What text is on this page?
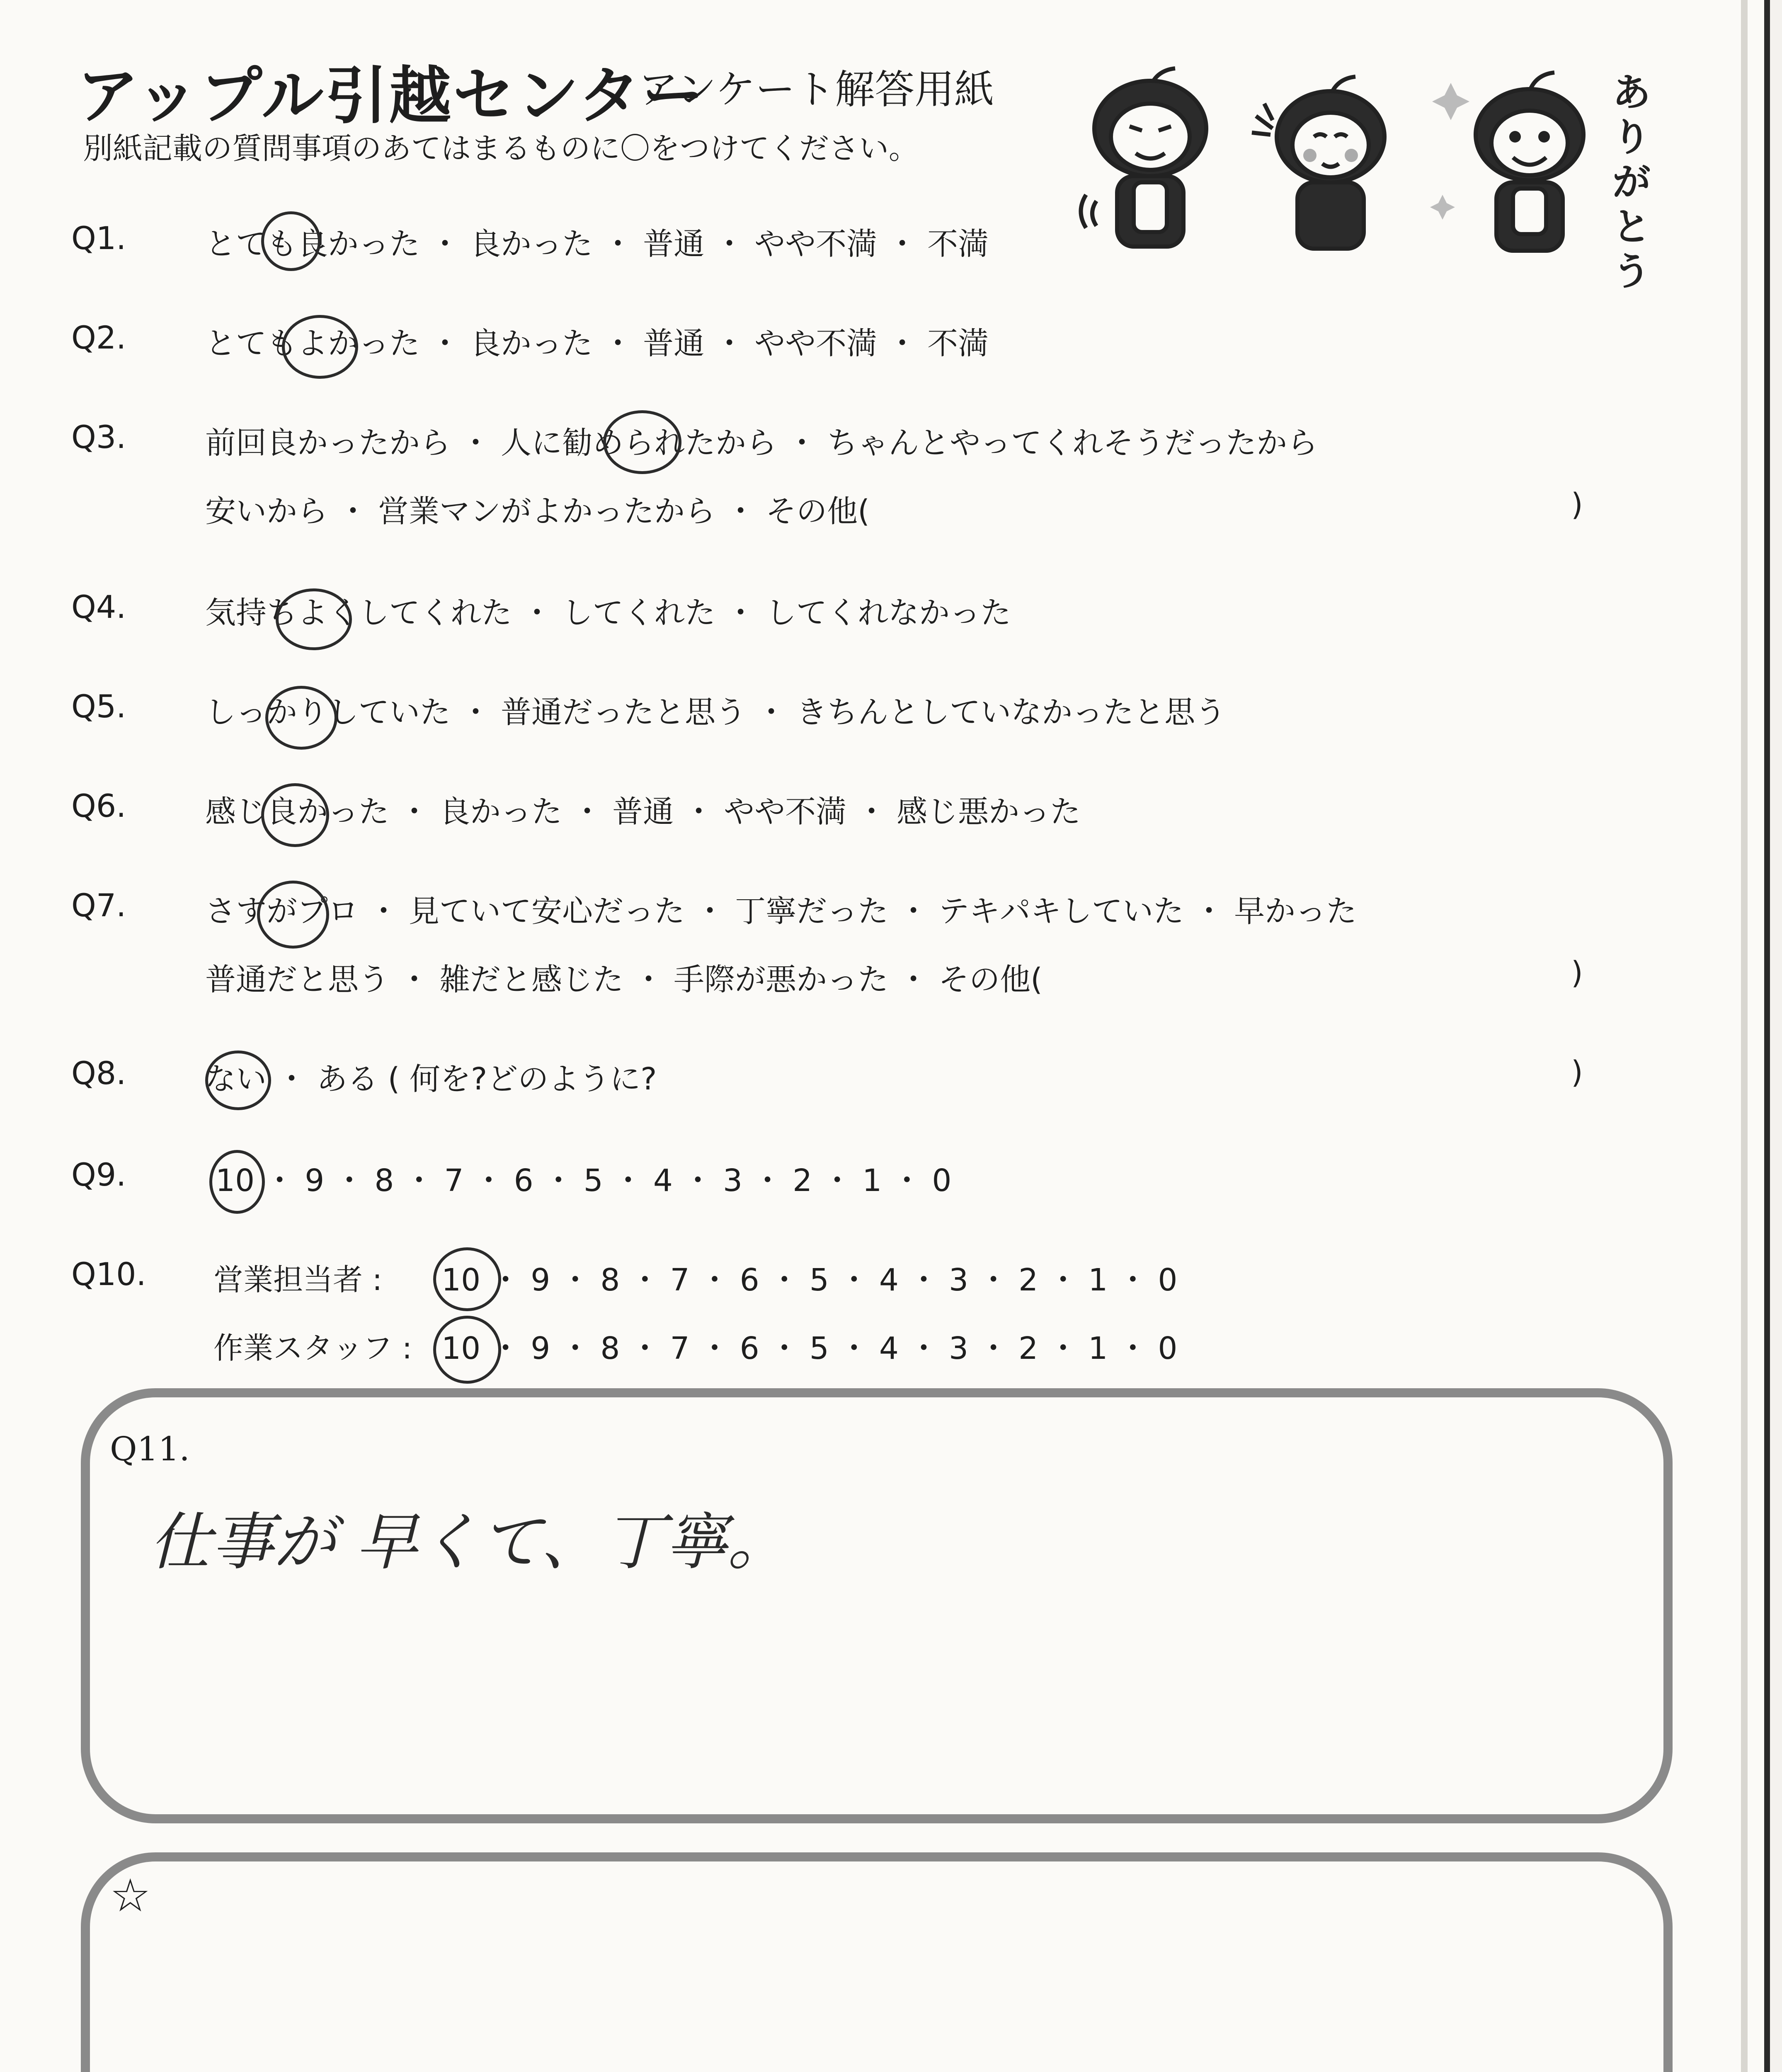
アップル引越センター
アンケート解答用紙
別紙記載の質問事項のあてはまるものに〇をつけてください。
ありがとう
Q1.	とても良かった ・ 良かった ・ 普通 ・ やや不満 ・ 不満
Q2.	とてもよかった ・ 良かった ・ 普通 ・ やや不満 ・ 不満
Q3.	前回良かったから ・ 人に勧められたから ・ ちゃんとやってくれそうだったから
安いから ・ 営業マンがよかったから ・ その他(	)
Q4.	気持ちよくしてくれた ・ してくれた ・ してくれなかった
Q5.	しっかりしていた ・ 普通だったと思う ・ きちんとしていなかったと思う
Q6.	感じ良かった ・ 良かった ・ 普通 ・ やや不満 ・ 感じ悪かった
Q7.	さすがプロ ・ 見ていて安心だった ・ 丁寧だった ・ テキパキしていた ・ 早かった
普通だと思う ・ 雑だと感じた ・ 手際が悪かった ・ その他(	)
Q8.	ない ・ ある ( 何を?どのように?	)
Q9.	10 ・ 9 ・ 8 ・ 7 ・ 6 ・ 5 ・ 4 ・ 3 ・ 2 ・ 1 ・ 0
Q10. 営業担当者 : 10 ・ 9 ・ 8 ・ 7 ・ 6 ・ 5 ・ 4 ・ 3 ・ 2 ・ 1 ・ 0
作業スタッフ : 10 ・ 9 ・ 8 ・ 7 ・ 6 ・ 5 ・ 4 ・ 3 ・ 2 ・ 1 ・ 0
Q11.
仕事が 早くて、丁寧。
☆
